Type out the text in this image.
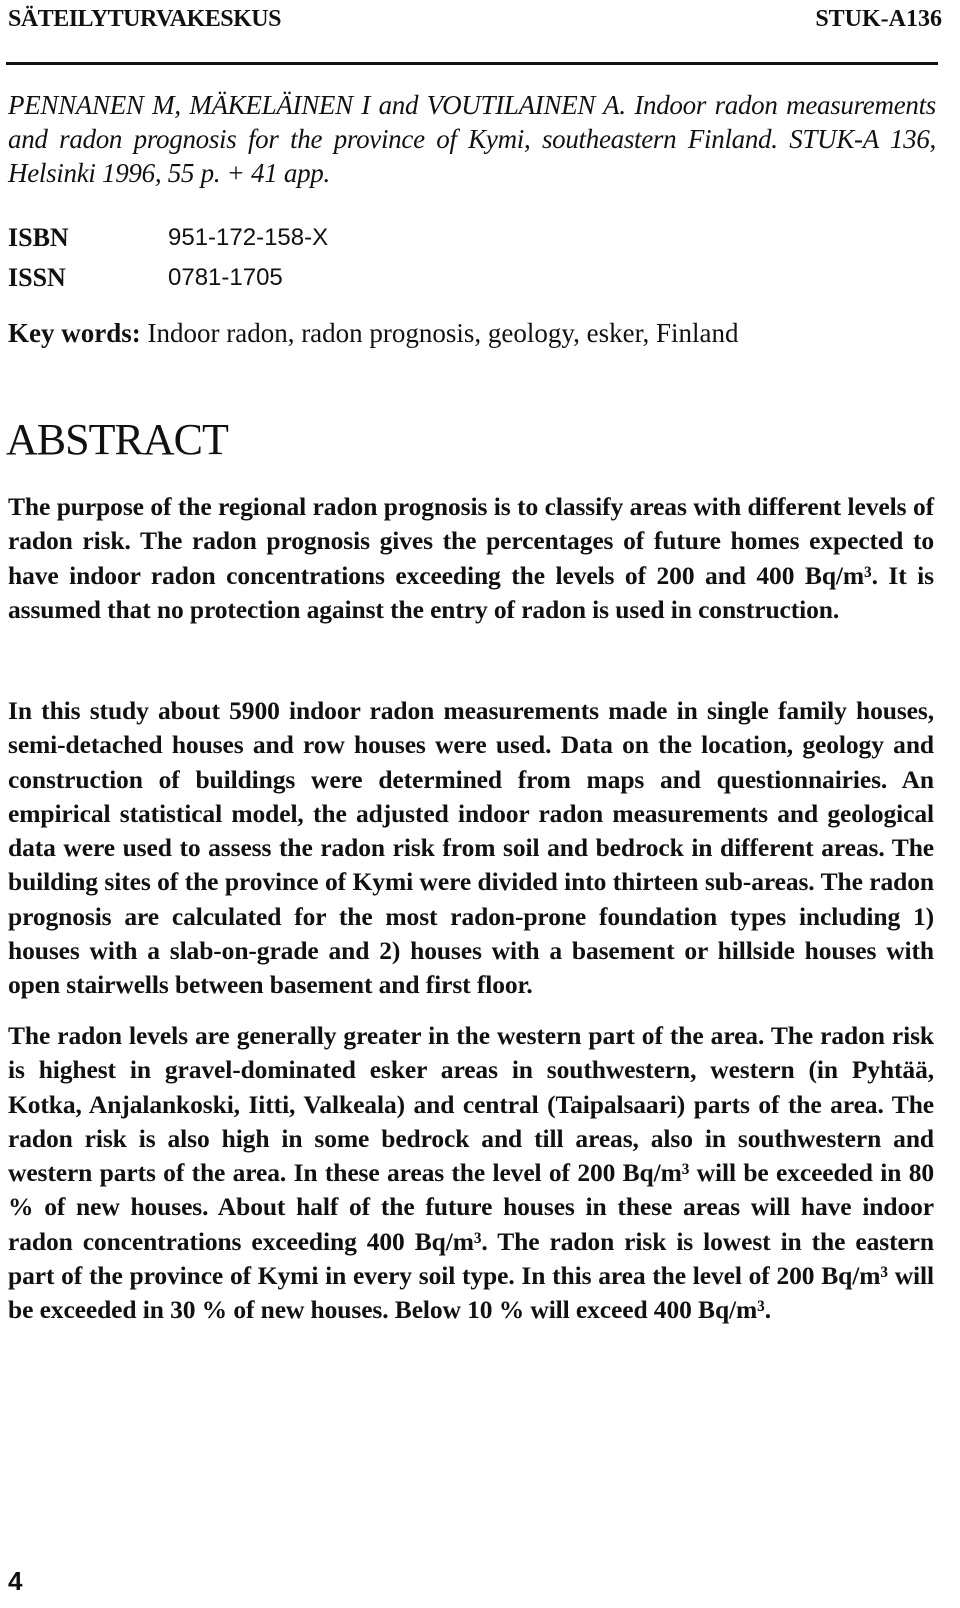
SÄTEILYTURVAKESKUS	STUK-A136
PENNANEN M, MÄKELÄINEN I and VOUTILAINEN A. Indoor radon measurements and radon prognosis for the province of Kymi, southeastern Finland. STUK-A 136, Helsinki 1996, 55 p. + 41 app.
ISBN	951-172-158-X
ISSN	0781-1705
Key words: Indoor radon, radon prognosis, geology, esker, Finland
ABSTRACT
The purpose of the regional radon prognosis is to classify areas with different levels of radon risk. The radon prognosis gives the percentages of future homes expected to have indoor radon concentrations exceeding the levels of 200 and 400 Bq/m³. It is assumed that no protection against the entry of radon is used in construction.
In this study about 5900 indoor radon measurements made in single family houses, semi-detached houses and row houses were used. Data on the location, geology and construction of buildings were determined from maps and questionnairies. An empirical statistical model, the adjusted indoor radon measurements and geological data were used to assess the radon risk from soil and bedrock in different areas. The building sites of the province of Kymi were divided into thirteen sub-areas. The radon prognosis are calculated for the most radon-prone foundation types including 1) houses with a slab-on-grade and 2) houses with a basement or hillside houses with open stairwells between basement and first floor.
The radon levels are generally greater in the western part of the area. The radon risk is highest in gravel-dominated esker areas in southwestern, western (in Pyhtää, Kotka, Anjalankoski, Iitti, Valkeala) and central (Taipalsaari) parts of the area. The radon risk is also high in some bedrock and till areas, also in southwestern and western parts of the area. In these areas the level of 200 Bq/m³ will be exceeded in 80 % of new houses. About half of the future houses in these areas will have indoor radon concentrations exceeding 400 Bq/m³. The radon risk is lowest in the eastern part of the province of Kymi in every soil type. In this area the level of 200 Bq/m³ will be exceeded in 30 % of new houses. Below 10 % will exceed 400 Bq/m³.
4
